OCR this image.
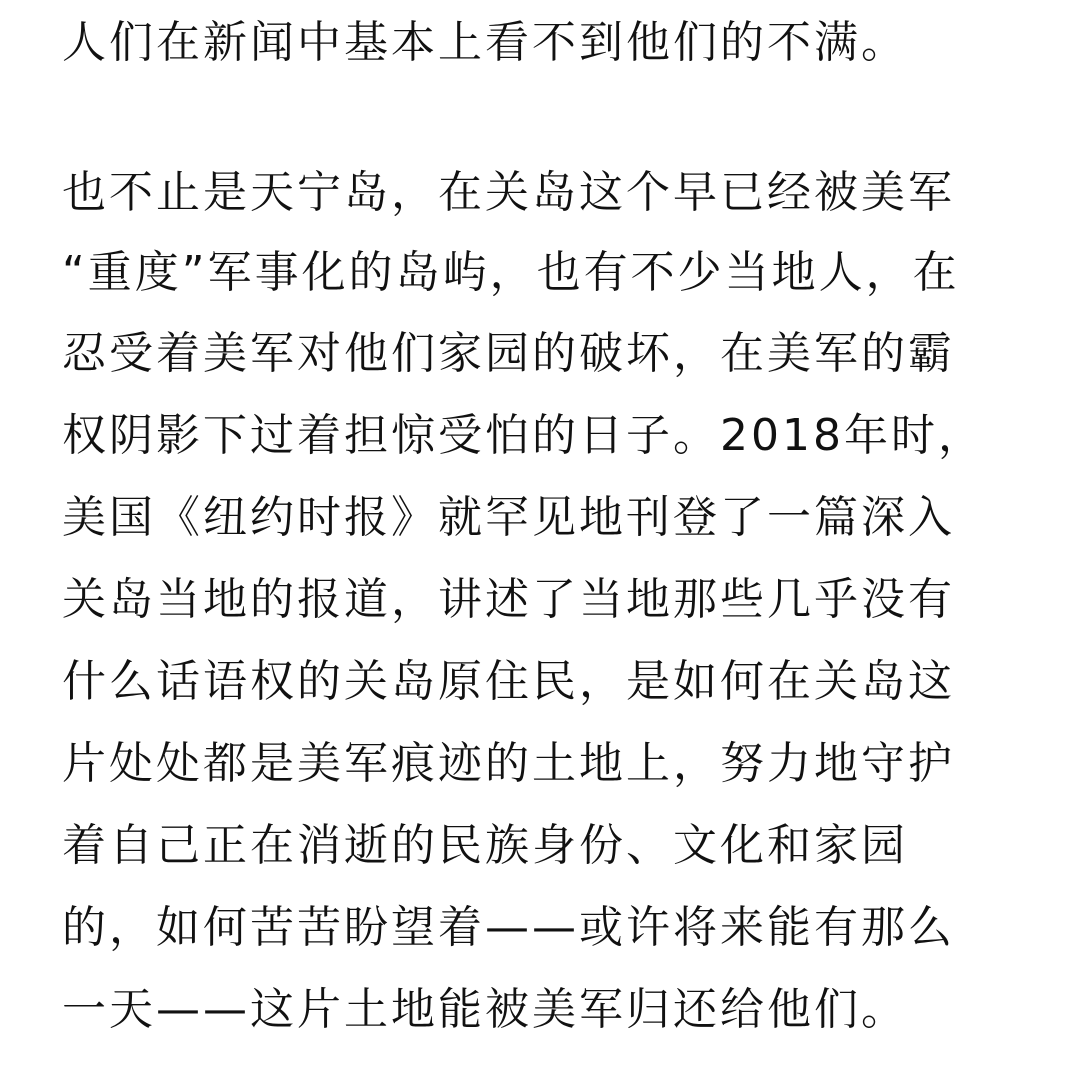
人们在新闻中基本上看不到他们的不满。
也不止是天宁岛，在关岛这个早已经被美军
“重度”军事化的岛屿，也有不少当地人，在
忍受着美军对他们家园的破坏，在美军的霸
权阴影下过着担惊受怕的日子。2018年时，
美国《纽约时报》就罕见地刊登了一篇深入
关岛当地的报道，讲述了当地那些几乎没有
什么话语权的关岛原住民，是如何在关岛这
片处处都是美军痕迹的土地上，努力地守护
着自己正在消逝的民族身份、文化和家园
的，如何苦苦盼望着——或许将来能有那么
一天——这片土地能被美军归还给他们。
